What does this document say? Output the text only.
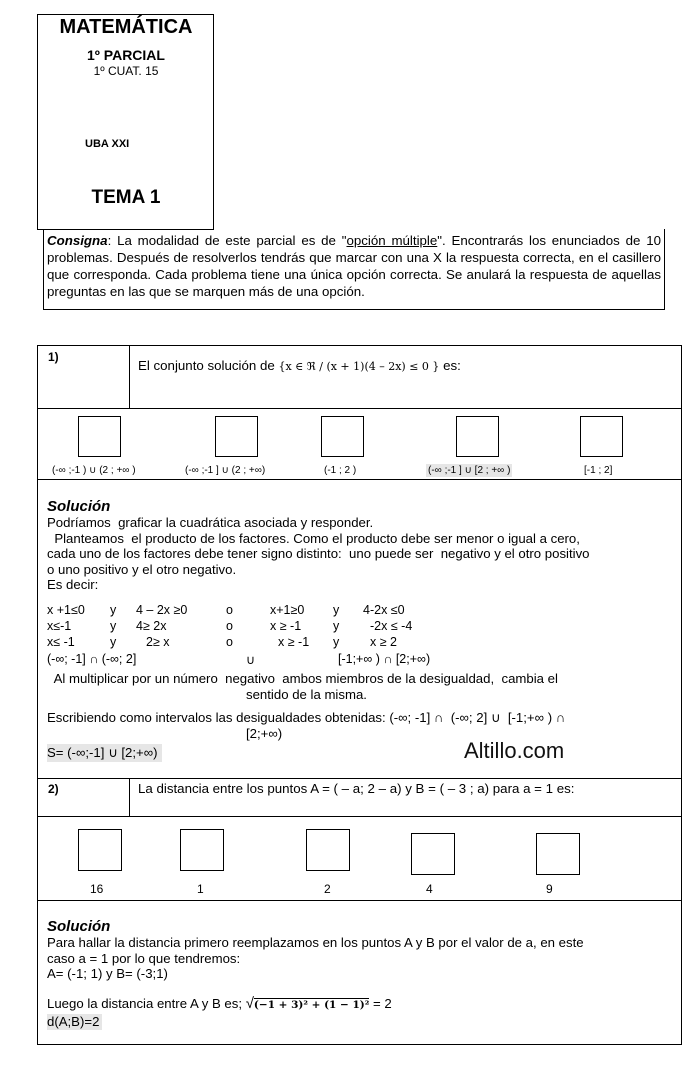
MATEMÁTICA
1º PARCIAL
1º CUAT. 15
UBA XXI
TEMA 1
Consigna: La modalidad de este parcial es de "opción múltiple". Encontrarás los enunciados de 10 problemas. Después de resolverlos tendrás que marcar con una X la respuesta correcta, en el casillero que corresponda. Cada problema tiene una única opción correcta. Se anulará la respuesta de aquellas preguntas en las que se marquen más de una opción.
1)
El conjunto solución de {x ∈ ℜ / (x + 1)(4 – 2x) ≤ 0 } es:
(-∞ ;-1 ) ∪ (2 ; +∞ )	(-∞ ;-1 ] ∪ (2 ; +∞)	(-1 ; 2 )	(-∞ ;-1 ] ∪ [2 ; +∞ )	[-1 ; 2]
Solución
Podríamos  graficar la cuadrática asociada y responder.
Planteamos  el producto de los factores. Como el producto debe ser menor o igual a cero,
cada uno de los factores debe tener signo distinto:  uno puede ser  negativo y el otro positivo
o uno positivo y el otro negativo.
Es decir:
x +1≤0 y 4 – 2x ≥0	o	x+1≥0 y 4-2x ≤0
x≤-1	y 4≥ 2x	o	x ≥ -1	y -2x ≤ -4
x≤ -1	y 2≥ x	o	x ≥ -1 y x ≥ 2
(-∞; -1] ∩ (-∞; 2]	∪	[-1;+∞ ) ∩ [2;+∞)
Al multiplicar por un número  negativo  ambos miembros de la desigualdad,  cambia el
sentido de la misma.
Escribiendo como intervalos las desigualdades obtenidas: (-∞; -1] ∩  (-∞; 2] ∪  [-1;+∞ ) ∩
[2;+∞)
S= (-∞;-1] ∪ [2;+∞)	Altillo.com
2)	La distancia entre los puntos A = ( – a; 2 – a) y B = ( – 3 ; a) para a = 1 es:
16	1	2	4	9
Solución
Para hallar la distancia primero reemplazamos en los puntos A y B por el valor de a, en este
caso a = 1 por lo que tendremos:
A= (-1; 1) y B= (-3;1)
Luego la distancia entre A y B es; √(−1 + 3)² + (1 − 1)² = 2
d(A;B)=2
